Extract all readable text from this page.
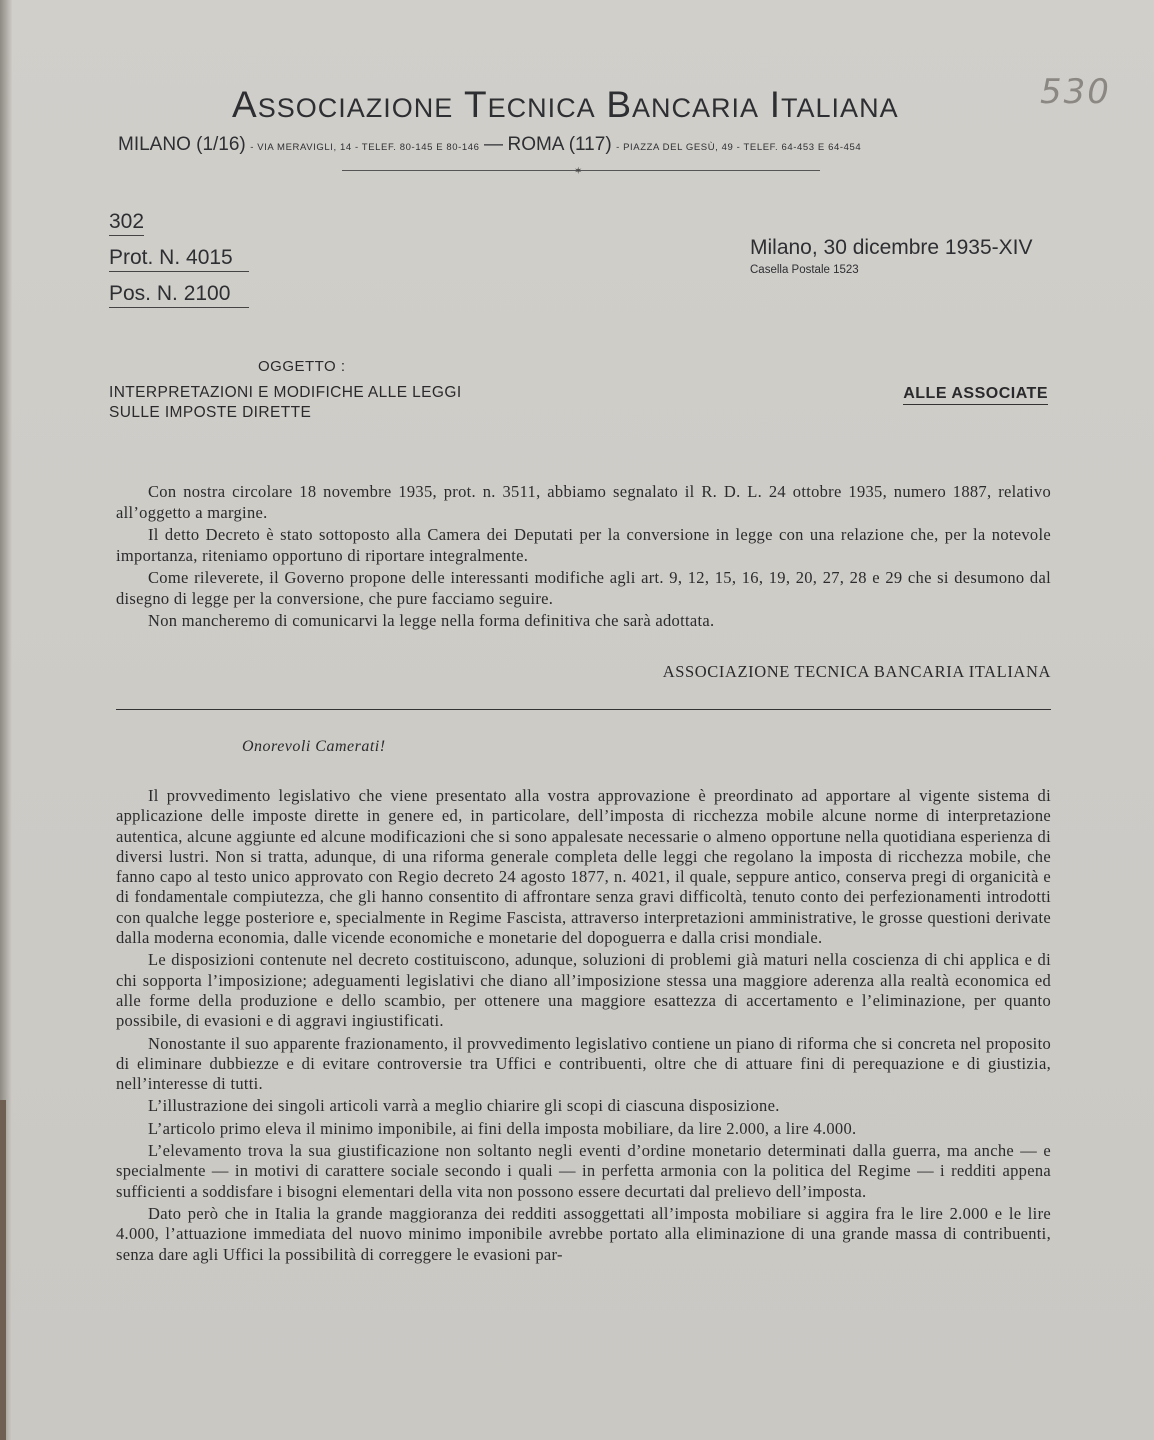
ASSOCIAZIONE TECNICA BANCARIA ITALIANA	530
MILANO (1/16) - VIA MERAVIGLI, 14 - TELEF. 80-145 E 80-146 — ROMA (117) - PIAZZA DEL GESÙ, 49 - TELEF. 64-453 E 64-454
✶
302
Prot. N. 4015
Pos. N. 2100
Milano, 30 dicembre 1935-XIV
Casella Postale 1523
OGGETTO :
INTERPRETAZIONI E MODIFICHE ALLE LEGGI
SULLE IMPOSTE DIRETTE
ALLE ASSOCIATE

Con nostra circolare 18 novembre 1935, prot. n. 3511, abbiamo segnalato il R. D. L. 24 ottobre 1935, numero 1887, relativo all’oggetto a margine.

Il detto Decreto è stato sottoposto alla Camera dei Deputati per la conversione in legge con una relazione che, per la notevole importanza, riteniamo opportuno di riportare integralmente.

Come rileverete, il Governo propone delle interessanti modifiche agli art. 9, 12, 15, 16, 19, 20, 27, 28 e 29 che si desumono dal disegno di legge per la conversione, che pure facciamo seguire.

Non mancheremo di comunicarvi la legge nella forma definitiva che sarà adottata.

ASSOCIAZIONE TECNICA BANCARIA ITALIANA
Onorevoli Camerati!

Il provvedimento legislativo che viene presentato alla vostra approvazione è preordinato ad apportare al vigente sistema di applicazione delle imposte dirette in genere ed, in particolare, dell’imposta di ricchezza mobile alcune norme di interpretazione autentica, alcune aggiunte ed alcune modificazioni che si sono appalesate necessarie o almeno opportune nella quotidiana esperienza di diversi lustri. Non si tratta, adunque, di una riforma generale completa delle leggi che regolano la imposta di ricchezza mobile, che fanno capo al testo unico approvato con Regio decreto 24 agosto 1877, n. 4021, il quale, seppure antico, conserva pregi di organicità e di fondamentale compiutezza, che gli hanno consentito di affrontare senza gravi difficoltà, tenuto conto dei perfezionamenti introdotti con qualche legge posteriore e, specialmente in Regime Fascista, attraverso interpretazioni amministrative, le grosse questioni derivate dalla moderna economia, dalle vicende economiche e monetarie del dopoguerra e dalla crisi mondiale.

Le disposizioni contenute nel decreto costituiscono, adunque, soluzioni di problemi già maturi nella coscienza di chi applica e di chi sopporta l’imposizione; adeguamenti legislativi che diano all’imposizione stessa una maggiore aderenza alla realtà economica ed alle forme della produzione e dello scambio, per ottenere una maggiore esattezza di accertamento e l’eliminazione, per quanto possibile, di evasioni e di aggravi ingiustificati.

Nonostante il suo apparente frazionamento, il provvedimento legislativo contiene un piano di riforma che si concreta nel proposito di eliminare dubbiezze e di evitare controversie tra Uffici e contribuenti, oltre che di attuare fini di perequazione e di giustizia, nell’interesse di tutti.

L’illustrazione dei singoli articoli varrà a meglio chiarire gli scopi di ciascuna disposizione.

L’articolo primo eleva il minimo imponibile, ai fini della imposta mobiliare, da lire 2.000, a lire 4.000.

L’elevamento trova la sua giustificazione non soltanto negli eventi d’ordine monetario determinati dalla guerra, ma anche — e specialmente — in motivi di carattere sociale secondo i quali — in perfetta armonia con la politica del Regime — i redditi appena sufficienti a soddisfare i bisogni elementari della vita non possono essere decurtati dal prelievo dell’imposta.

Dato però che in Italia la grande maggioranza dei redditi assoggettati all’imposta mobiliare si aggira fra le lire 2.000 e le lire 4.000, l’attuazione immediata del nuovo minimo imponibile avrebbe portato alla eliminazione di una grande massa di contribuenti, senza dare agli Uffici la possibilità di correggere le evasioni par-
